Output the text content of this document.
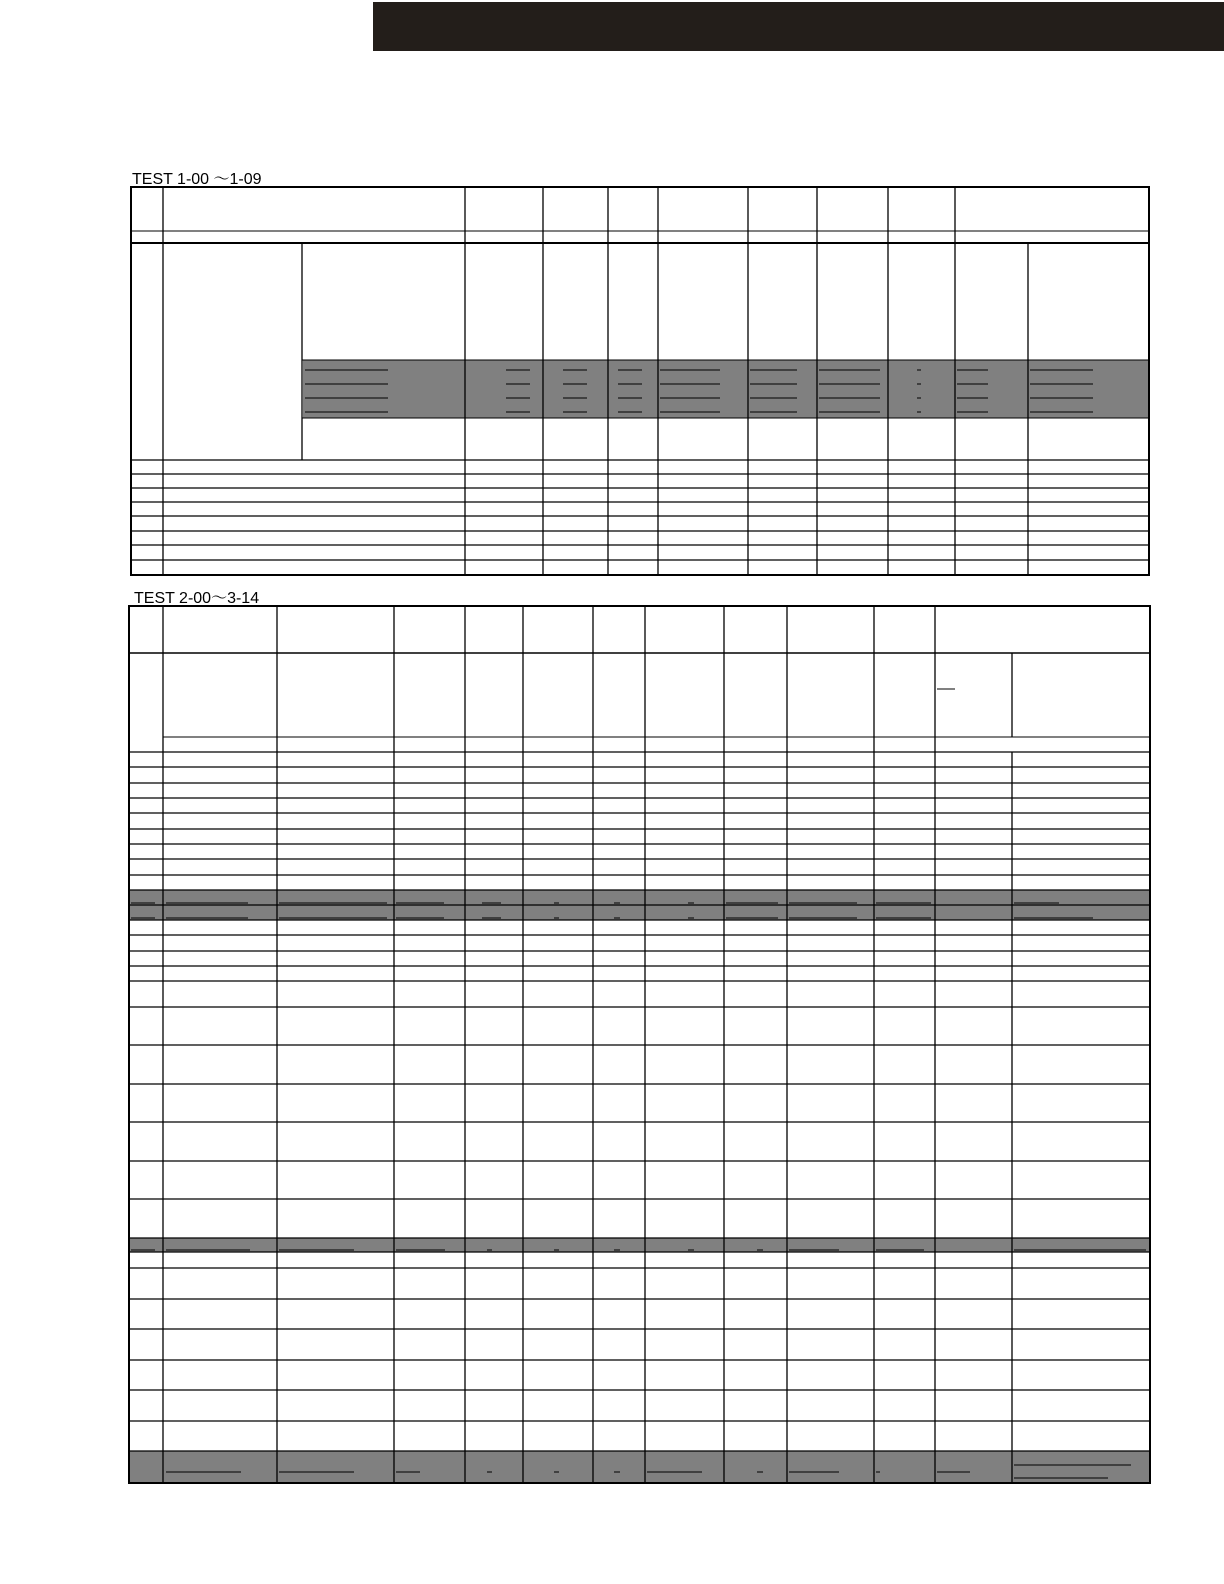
TEST 1-00 ～1-09
TEST 2-00～3-14
